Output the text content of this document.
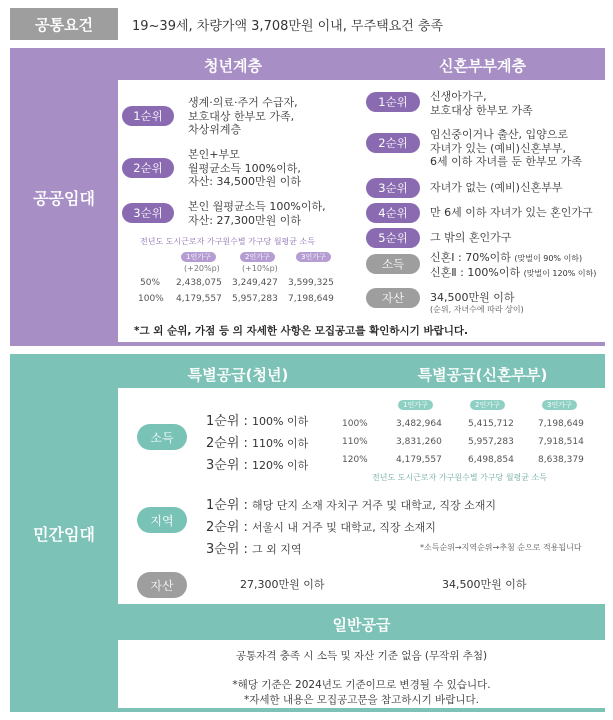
공통요건	19~39세, 차량가액 3,708만원 이내, 무주택요건 충족
공공임대
청년계층	신혼부부계층
1순위
생계·의료·주거 수급자,
보호대상 한부모 가족,
차상위계층
2순위
본인+부모
월평균소득 100%이하,
자산: 34,500만원 이하
3순위	본인 월평균소득 100%이하,
자산: 27,300만원 이하
전년도 도시근로자 가구원수별 가구당 월평균 소득
1인가구
(+20%p)
2인가구
(+10%p)
3인가구
50% 2,438,075 3,249,427 3,599,325
100% 4,179,557 5,957,283 7,198,649
1순위	신생아가구,
보호대상 한부모 가족
2순위
임신중이거나 출산, 입양으로
자녀가 있는 (예비)신혼부부,
6세 이하 자녀를 둔 한부모 가족
3순위	자녀가 없는 (예비)신혼부부
4순위	만 6세 이하 자녀가 있는 혼인가구
5순위	그 밖의 혼인가구
소득	신혼Ⅰ : 70%이하 (맞벌이 90% 이하)
신혼Ⅱ : 100%이하 (맞벌이 120% 이하)
자산	34,500만원 이하
(순위, 자녀수에 따라 상이)
*그 외 순위, 가점 등 의 자세한 사항은 모집공고를 확인하시기 바랍니다.
민간임대
특별공급(청년)	특별공급(신혼부부)
소득
1순위 : 100% 이하
2순위 : 110% 이하
3순위 : 120% 이하
1인가구	2인가구	3인가구
100%	3,482,964	5,415,712	7,198,649
110%	3,831,260	5,957,283	7,918,514
120%	4,179,557	6,498,854	8,638,379
전년도 도시근로자 가구원수별 가구당 월평균 소득
지역
1순위 : 해당 단지 소재 자치구 거주 및 대학교, 직장 소재지
2순위 : 서울시 내 거주 및 대학교, 직장 소재지
3순위 : 그 외 지역	*소득순위→지역순위→추첨 순으로 적용됩니다
자산	27,300만원 이하	34,500만원 이하
일반공급
공통자격 충족 시 소득 및 자산 기준 없음 (무작위 추첨)
*해당 기준은 2024년도 기준이므로 변경될 수 있습니다.
*자세한 내용은 모집공고문을 참고하시기 바랍니다.
